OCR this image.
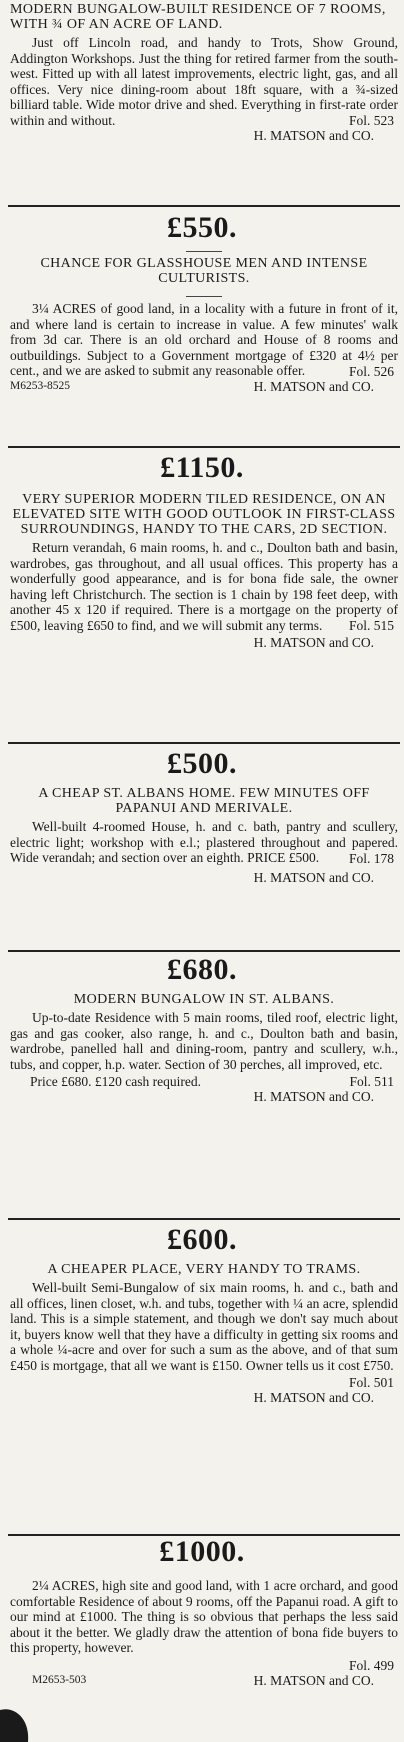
MODERN BUNGALOW-BUILT RESIDENCE OF 7 ROOMS, WITH ¾ OF AN ACRE OF LAND.

Just off Lincoln road, and handy to Trots, Show Ground, Addington Workshops. Just the thing for retired farmer from the south-west. Fitted up with all latest improvements, electric light, gas, and all offices. Very nice dining-room about 18ft square, with a ¾-sized billiard table. Wide motor drive and shed. Everything in first-rate order within and without.	Fol. 523

H. MATSON and CO.
£550.

CHANCE FOR GLASSHOUSE MEN AND INTENSE CULTURISTS.

3¼ ACRES of good land, in a locality with a future in front of it, and where land is certain to increase in value. A few minutes' walk from 3d car. There is an old orchard and House of 8 rooms and outbuildings. Subject to a Government mortgage of £320 at 4½ per cent., and we are asked to submit any reasonable offer.	Fol. 526

M6253-8525	H. MATSON and CO.
£1150.

VERY SUPERIOR MODERN TILED RESIDENCE, ON AN ELEVATED SITE WITH GOOD OUTLOOK IN FIRST-CLASS SURROUNDINGS, HANDY TO THE CARS, 2D SECTION.

Return verandah, 6 main rooms, h. and c., Doulton bath and basin, wardrobes, gas throughout, and all usual offices. This property has a wonderfully good appearance, and is for bona fide sale, the owner having left Christchurch. The section is 1 chain by 198 feet deep, with another 45 x 120 if required. There is a mortgage on the property of £500, leaving £650 to find, and we will submit any terms.	Fol. 515

H. MATSON and CO.
£500.

A CHEAP ST. ALBANS HOME. FEW MINUTES OFF PAPANUI AND MERIVALE.

Well-built 4-roomed House, h. and c. bath, pantry and scullery, electric light; workshop with e.l.; plastered throughout and papered. Wide verandah; and section over an eighth. PRICE £500.	Fol. 178

H. MATSON and CO.
£680.

MODERN BUNGALOW IN ST. ALBANS.

Up-to-date Residence with 5 main rooms, tiled roof, electric light, gas and gas cooker, also range, h. and c., Doulton bath and basin, wardrobe, panelled hall and dining-room, pantry and scullery, w.h., tubs, and copper, h.p. water. Section of 30 perches, all improved, etc.

Price £680. £120 cash required.	Fol. 511
H. MATSON and CO.
£600.

A CHEAPER PLACE, VERY HANDY TO TRAMS.

Well-built Semi-Bungalow of six main rooms, h. and c., bath and all offices, linen closet, w.h. and tubs, together with ¼ an acre, splendid land. This is a simple statement, and though we don't say much about it, buyers know well that they have a difficulty in getting six rooms and a whole ¼-acre and over for such a sum as the above, and of that sum £450 is mortgage, that all we want is £150. Owner tells us it cost £750.

Fol. 501

H. MATSON and CO.
£1000.

2¼ ACRES, high site and good land, with 1 acre orchard, and good comfortable Residence of about 9 rooms, off the Papanui road. A gift to our mind at £1000. The thing is so obvious that perhaps the less said about it the better. We gladly draw the attention of bona fide buyers to this property, however.

Fol. 499

M2653-503	H. MATSON and CO.
